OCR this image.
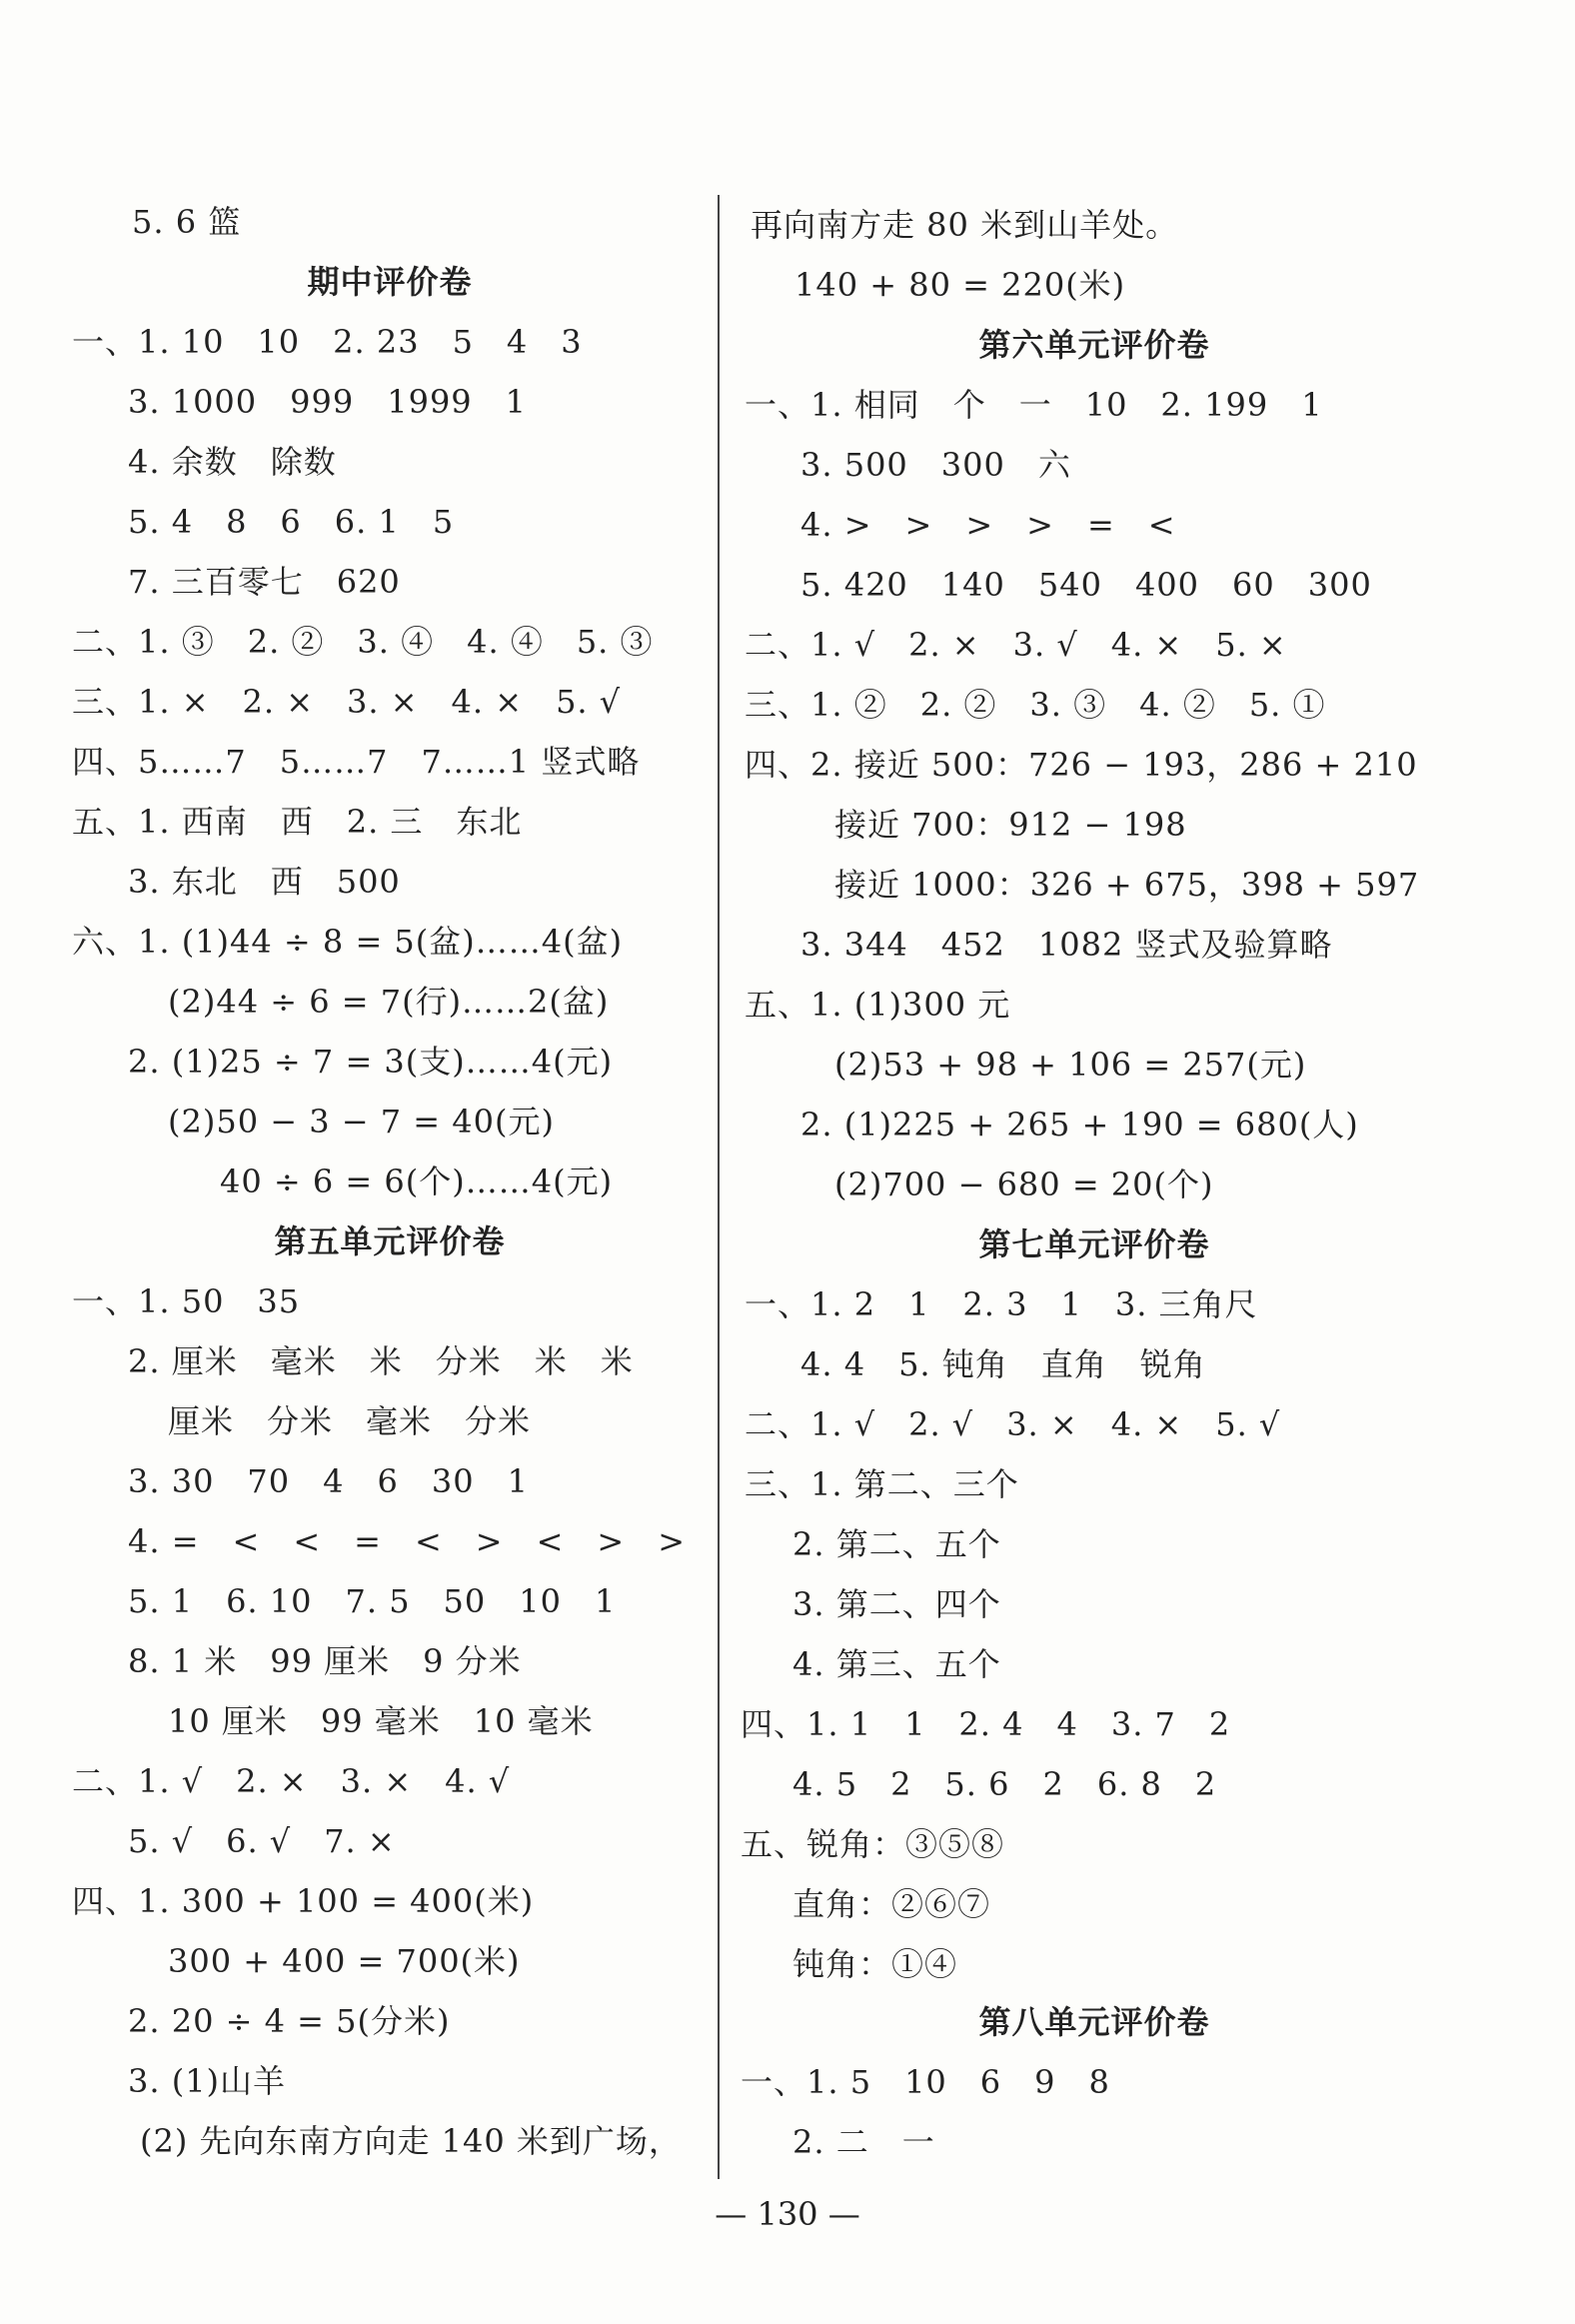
5. 6 篮
期中评价卷
一、1. 10　10　2. 23　5　4　3
3. 1000　999　1999　1
4. 余数　除数
5. 4　8　6　6. 1　5
7. 三百零七　620
二、1. ③　2. ②　3. ④　4. ④　5. ③
三、1. ×　2. ×　3. ×　4. ×　5. √
四、5……7　5……7　7……1 竖式略
五、1. 西南　西　2. 三　东北
3. 东北　西　500
六、1. (1)44 ÷ 8 = 5(盆)……4(盆)
(2)44 ÷ 6 = 7(行)……2(盆)
2. (1)25 ÷ 7 = 3(支)……4(元)
(2)50 − 3 − 7 = 40(元)
40 ÷ 6 = 6(个)……4(元)
第五单元评价卷
一、1. 50　35
2. 厘米　毫米　米　分米　米　米
厘米　分米　毫米　分米
3. 30　70　4　6　30　1
4. =　<　<　=　<　>　<　>　>
5. 1　6. 10　7. 5　50　10　1
8. 1 米　99 厘米　9 分米
10 厘米　99 毫米　10 毫米
二、1. √　2. ×　3. ×　4. √
5. √　6. √　7. ×
四、1. 300 + 100 = 400(米)
300 + 400 = 700(米)
2. 20 ÷ 4 = 5(分米)
3. (1)山羊
(2) 先向东南方向走 140 米到广场，
再向南方走 80 米到山羊处。
140 + 80 = 220(米)
第六单元评价卷
一、1. 相同　个　一　10　2. 199　1
3. 500　300　六
4. >　>　>　>　=　<
5. 420　140　540　400　60　300
二、1. √　2. ×　3. √　4. ×　5. ×
三、1. ②　2. ②　3. ③　4. ②　5. ①
四、2. 接近 500：726 − 193，286 + 210
接近 700：912 − 198
接近 1000：326 + 675，398 + 597
3. 344　452　1082 竖式及验算略
五、1. (1)300 元
(2)53 + 98 + 106 = 257(元)
2. (1)225 + 265 + 190 = 680(人)
(2)700 − 680 = 20(个)
第七单元评价卷
一、1. 2　1　2. 3　1　3. 三角尺
4. 4　5. 钝角　直角　锐角
二、1. √　2. √　3. ×　4. ×　5. √
三、1. 第二、三个
2. 第二、五个
3. 第二、四个
4. 第三、五个
四、1. 1　1　2. 4　4　3. 7　2
4. 5　2　5. 6　2　6. 8　2
五、锐角：③⑤⑧
直角：②⑥⑦
钝角：①④
第八单元评价卷
一、1. 5　10　6　9　8
2. 二　一
— 130 —
